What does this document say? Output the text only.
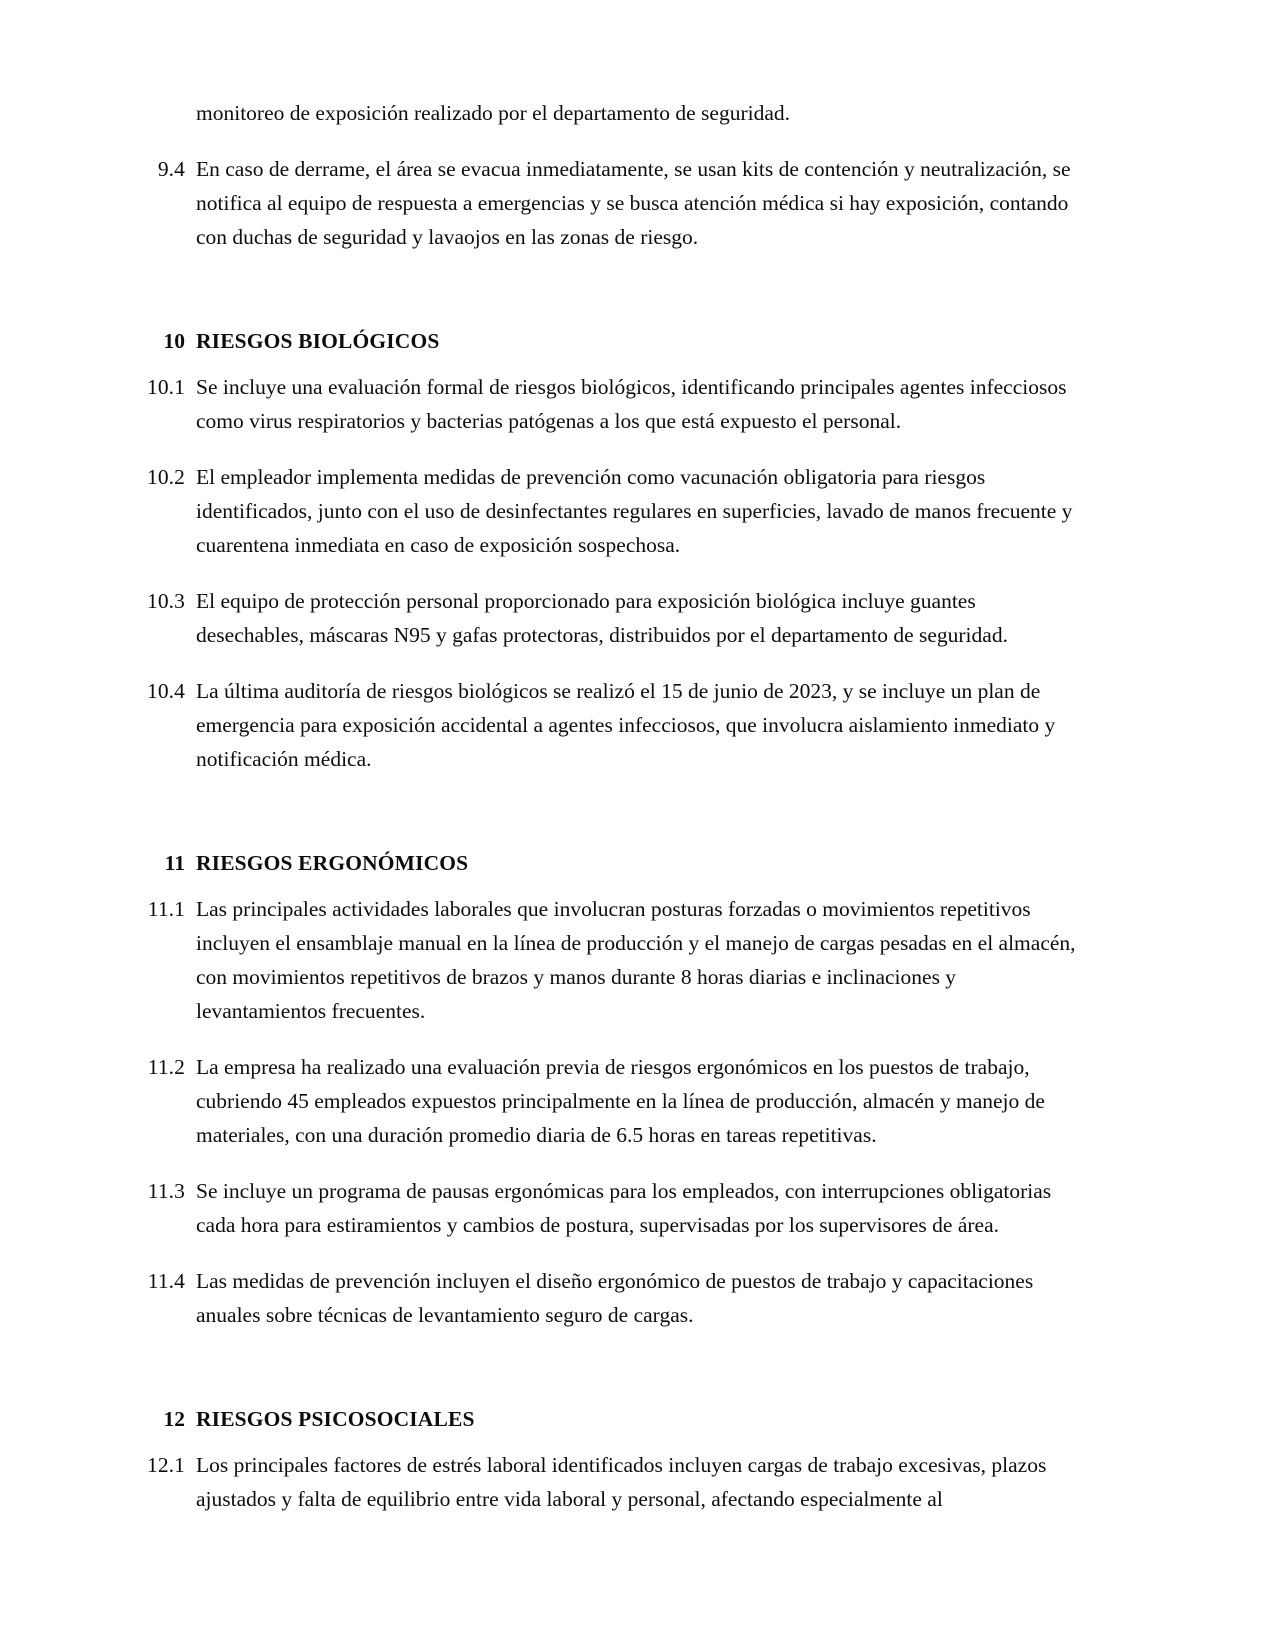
monitoreo de exposición realizado por el departamento de seguridad.
9.4 En caso de derrame, el área se evacua inmediatamente, se usan kits de contención y neutralización, se notifica al equipo de respuesta a emergencias y se busca atención médica si hay exposición, contando con duchas de seguridad y lavaojos en las zonas de riesgo.
10 RIESGOS BIOLÓGICOS
10.1 Se incluye una evaluación formal de riesgos biológicos, identificando principales agentes infecciosos como virus respiratorios y bacterias patógenas a los que está expuesto el personal.
10.2 El empleador implementa medidas de prevención como vacunación obligatoria para riesgos identificados, junto con el uso de desinfectantes regulares en superficies, lavado de manos frecuente y cuarentena inmediata en caso de exposición sospechosa.
10.3 El equipo de protección personal proporcionado para exposición biológica incluye guantes desechables, máscaras N95 y gafas protectoras, distribuidos por el departamento de seguridad.
10.4 La última auditoría de riesgos biológicos se realizó el 15 de junio de 2023, y se incluye un plan de emergencia para exposición accidental a agentes infecciosos, que involucra aislamiento inmediato y notificación médica.
11 RIESGOS ERGONÓMICOS
11.1 Las principales actividades laborales que involucran posturas forzadas o movimientos repetitivos incluyen el ensamblaje manual en la línea de producción y el manejo de cargas pesadas en el almacén, con movimientos repetitivos de brazos y manos durante 8 horas diarias e inclinaciones y levantamientos frecuentes.
11.2 La empresa ha realizado una evaluación previa de riesgos ergonómicos en los puestos de trabajo, cubriendo 45 empleados expuestos principalmente en la línea de producción, almacén y manejo de materiales, con una duración promedio diaria de 6.5 horas en tareas repetitivas.
11.3 Se incluye un programa de pausas ergonómicas para los empleados, con interrupciones obligatorias cada hora para estiramientos y cambios de postura, supervisadas por los supervisores de área.
11.4 Las medidas de prevención incluyen el diseño ergonómico de puestos de trabajo y capacitaciones anuales sobre técnicas de levantamiento seguro de cargas.
12 RIESGOS PSICOSOCIALES
12.1 Los principales factores de estrés laboral identificados incluyen cargas de trabajo excesivas, plazos ajustados y falta de equilibrio entre vida laboral y personal, afectando especialmente al
